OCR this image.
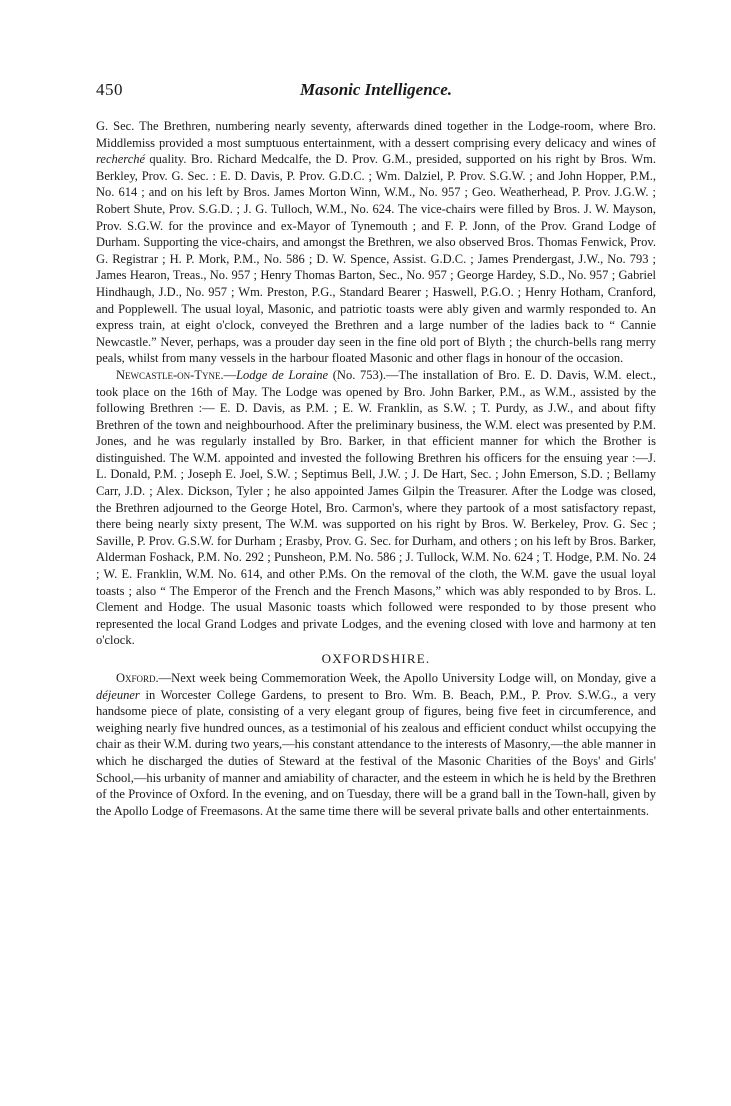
450	Masonic Intelligence.

G. Sec. The Brethren, numbering nearly seventy, afterwards dined together in the Lodge-room, where Bro. Middlemiss provided a most sumptuous entertainment, with a dessert comprising every delicacy and wines of recherché quality. Bro. Richard Medcalfe, the D. Prov. G.M., presided, supported on his right by Bros. Wm. Berkley, Prov. G. Sec. : E. D. Davis, P. Prov. G.D.C. ; Wm. Dalziel, P. Prov. S.G.W. ; and John Hopper, P.M., No. 614 ; and on his left by Bros. James Morton Winn, W.M., No. 957 ; Geo. Weatherhead, P. Prov. J.G.W. ; Robert Shute, Prov. S.G.D. ; J. G. Tulloch, W.M., No. 624. The vice-chairs were filled by Bros. J. W. Mayson, Prov. S.G.W. for the province and ex-Mayor of Tynemouth ; and F. P. Jonn, of the Prov. Grand Lodge of Durham. Supporting the vice-chairs, and amongst the Brethren, we also observed Bros. Thomas Fenwick, Prov. G. Registrar ; H. P. Mork, P.M., No. 586 ; D. W. Spence, Assist. G.D.C. ; James Prendergast, J.W., No. 793 ; James Hearon, Treas., No. 957 ; Henry Thomas Barton, Sec., No. 957 ; George Hardey, S.D., No. 957 ; Gabriel Hindhaugh, J.D., No. 957 ; Wm. Preston, P.G., Standard Bearer ; Haswell, P.G.O. ; Henry Hotham, Cranford, and Popplewell. The usual loyal, Masonic, and patriotic toasts were ably given and warmly responded to. An express train, at eight o'clock, conveyed the Brethren and a large number of the ladies back to “ Cannie Newcastle.” Never, perhaps, was a prouder day seen in the fine old port of Blyth ; the church-bells rang merry peals, whilst from many vessels in the harbour floated Masonic and other flags in honour of the occasion.

Newcastle-on-Tyne.—Lodge de Loraine (No. 753).—The installation of Bro. E. D. Davis, W.M. elect., took place on the 16th of May. The Lodge was opened by Bro. John Barker, P.M., as W.M., assisted by the following Brethren :— E. D. Davis, as P.M. ; E. W. Franklin, as S.W. ; T. Purdy, as J.W., and about fifty Brethren of the town and neighbourhood. After the preliminary business, the W.M. elect was presented by P.M. Jones, and he was regularly installed by Bro. Barker, in that efficient manner for which the Brother is distinguished. The W.M. appointed and invested the following Brethren his officers for the ensuing year :—J. L. Donald, P.M. ; Joseph E. Joel, S.W. ; Septimus Bell, J.W. ; J. De Hart, Sec. ; John Emerson, S.D. ; Bellamy Carr, J.D. ; Alex. Dickson, Tyler ; he also appointed James Gilpin the Treasurer. After the Lodge was closed, the Brethren adjourned to the George Hotel, Bro. Carmon's, where they partook of a most satisfactory repast, there being nearly sixty present, The W.M. was supported on his right by Bros. W. Berkeley, Prov. G. Sec ; Saville, P. Prov. G.S.W. for Durham ; Erasby, Prov. G. Sec. for Durham, and others ; on his left by Bros. Barker, Alderman Foshack, P.M. No. 292 ; Punsheon, P.M. No. 586 ; J. Tullock, W.M. No. 624 ; T. Hodge, P.M. No. 24 ; W. E. Franklin, W.M. No. 614, and other P.Ms. On the removal of the cloth, the W.M. gave the usual loyal toasts ; also “ The Emperor of the French and the French Masons,” which was ably responded to by Bros. L. Clement and Hodge. The usual Masonic toasts which followed were responded to by those present who represented the local Grand Lodges and private Lodges, and the evening closed with love and harmony at ten o'clock.

OXFORDSHIRE.

Oxford.—Next week being Commemoration Week, the Apollo University Lodge will, on Monday, give a déjeuner in Worcester College Gardens, to present to Bro. Wm. B. Beach, P.M., P. Prov. S.W.G., a very handsome piece of plate, consisting of a very elegant group of figures, being five feet in circumference, and weighing nearly five hundred ounces, as a testimonial of his zealous and efficient conduct whilst occupying the chair as their W.M. during two years,—his constant attendance to the interests of Masonry,—the able manner in which he discharged the duties of Steward at the festival of the Masonic Charities of the Boys' and Girls' School,—his urbanity of manner and amiability of character, and the esteem in which he is held by the Brethren of the Province of Oxford. In the evening, and on Tuesday, there will be a grand ball in the Town-hall, given by the Apollo Lodge of Freemasons. At the same time there will be several private balls and other entertainments.
